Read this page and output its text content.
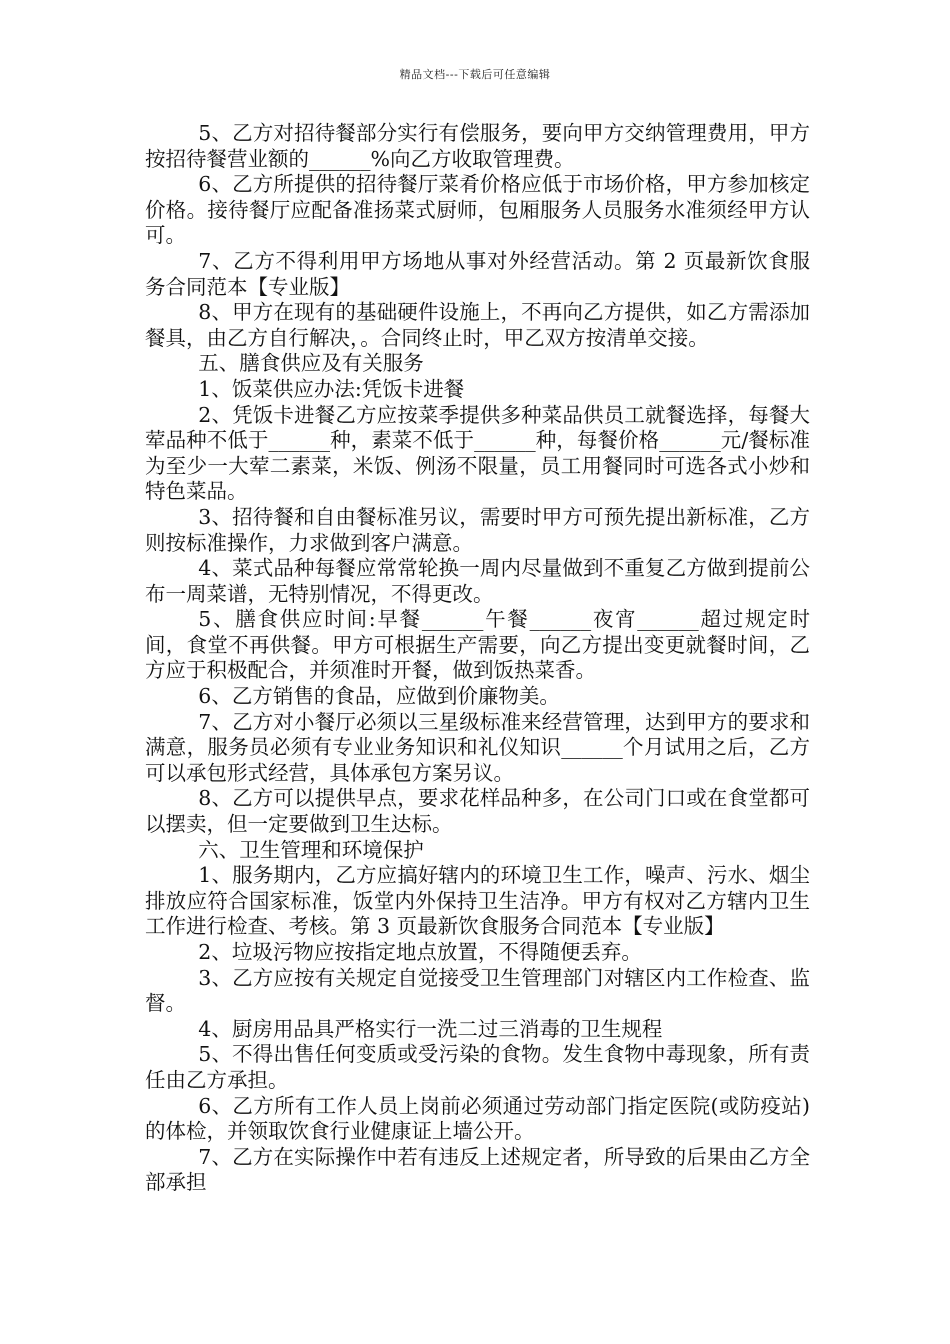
精品文档---下载后可任意编辑

5、乙方对招待餐部分实行有偿服务，要向甲方交纳管理费用，甲方按招待餐营业额的______%向乙方收取管理费。

6、乙方所提供的招待餐厅菜肴价格应低于市场价格，甲方参加核定价格。接待餐厅应配备准扬菜式厨师，包厢服务人员服务水准须经甲方认可。

7、乙方不得利用甲方场地从事对外经营活动。第 2 页最新饮食服务合同范本【专业版】

8、甲方在现有的基础硬件设施上，不再向乙方提供，如乙方需添加餐具，由乙方自行解决，。合同终止时，甲乙双方按清单交接。

五、膳食供应及有关服务

1、饭菜供应办法:凭饭卡进餐

2、凭饭卡进餐乙方应按菜季提供多种菜品供员工就餐选择，每餐大荤品种不低于______种，素菜不低于______种，每餐价格______元/餐标准为至少一大荤二素菜，米饭、例汤不限量，员工用餐同时可选各式小炒和特色菜品。

3、招待餐和自由餐标准另议，需要时甲方可预先提出新标准，乙方则按标准操作，力求做到客户满意。

4、菜式品种每餐应常常轮换一周内尽量做到不重复乙方做到提前公布一周菜谱，无特别情况，不得更改。

5、膳食供应时间:早餐______午餐______夜宵______超过规定时间，食堂不再供餐。甲方可根据生产需要，向乙方提出变更就餐时间，乙方应于积极配合，并须准时开餐，做到饭热菜香。

6、乙方销售的食品，应做到价廉物美。

7、乙方对小餐厅必须以三星级标准来经营管理，达到甲方的要求和满意，服务员必须有专业业务知识和礼仪知识______个月试用之后，乙方可以承包形式经营，具体承包方案另议。

8、乙方可以提供早点，要求花样品种多，在公司门口或在食堂都可以摆卖，但一定要做到卫生达标。

六、卫生管理和环境保护

1、服务期内，乙方应搞好辖内的环境卫生工作，噪声、污水、烟尘排放应符合国家标准，饭堂内外保持卫生洁净。甲方有权对乙方辖内卫生工作进行检查、考核。第 3 页最新饮食服务合同范本【专业版】

2、垃圾污物应按指定地点放置，不得随便丢弃。

3、乙方应按有关规定自觉接受卫生管理部门对辖区内工作检查、监督。

4、厨房用品具严格实行一洗二过三消毒的卫生规程

5、不得出售任何变质或受污染的食物。发生食物中毒现象，所有责任由乙方承担。

6、乙方所有工作人员上岗前必须通过劳动部门指定医院(或防疫站)的体检，并领取饮食行业健康证上墙公开。

7、乙方在实际操作中若有违反上述规定者，所导致的后果由乙方全部承担
